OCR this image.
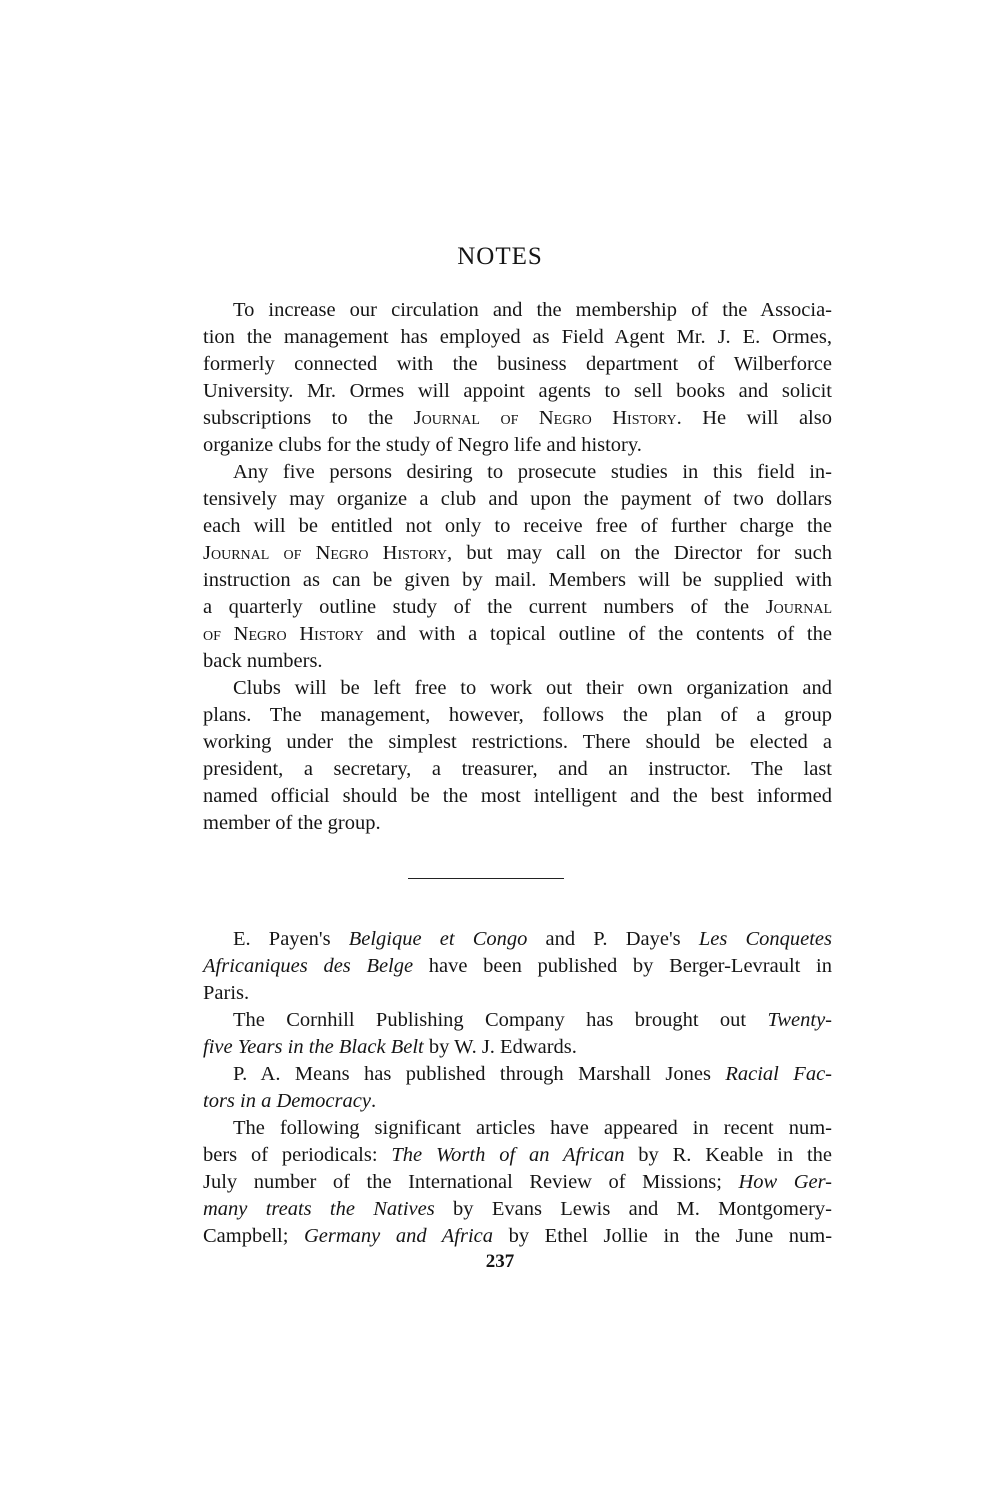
NOTES
To increase our circulation and the membership of the Associa-
tion the management has employed as Field Agent Mr. J. E. Ormes,
formerly connected with the business department of Wilberforce
University. Mr. Ormes will appoint agents to sell books and solicit
subscriptions to the Journal of Negro History. He will also
organize clubs for the study of Negro life and history.
Any five persons desiring to prosecute studies in this field in-
tensively may organize a club and upon the payment of two dollars
each will be entitled not only to receive free of further charge the
Journal of Negro History, but may call on the Director for such
instruction as can be given by mail. Members will be supplied with
a quarterly outline study of the current numbers of the Journal
of Negro History and with a topical outline of the contents of the
back numbers.
Clubs will be left free to work out their own organization and
plans. The management, however, follows the plan of a group
working under the simplest restrictions. There should be elected a
president, a secretary, a treasurer, and an instructor. The last
named official should be the most intelligent and the best informed
member of the group.
E. Payen's Belgique et Congo and P. Daye's Les Conquetes
Africaniques des Belge have been published by Berger-Levrault in
Paris.
The Cornhill Publishing Company has brought out Twenty-
five Years in the Black Belt by W. J. Edwards.
P. A. Means has published through Marshall Jones Racial Fac-
tors in a Democracy.
The following significant articles have appeared in recent num-
bers of periodicals: The Worth of an African by R. Keable in the
July number of the International Review of Missions; How Ger-
many treats the Natives by Evans Lewis and M. Montgomery-
Campbell; Germany and Africa by Ethel Jollie in the June num-
237
